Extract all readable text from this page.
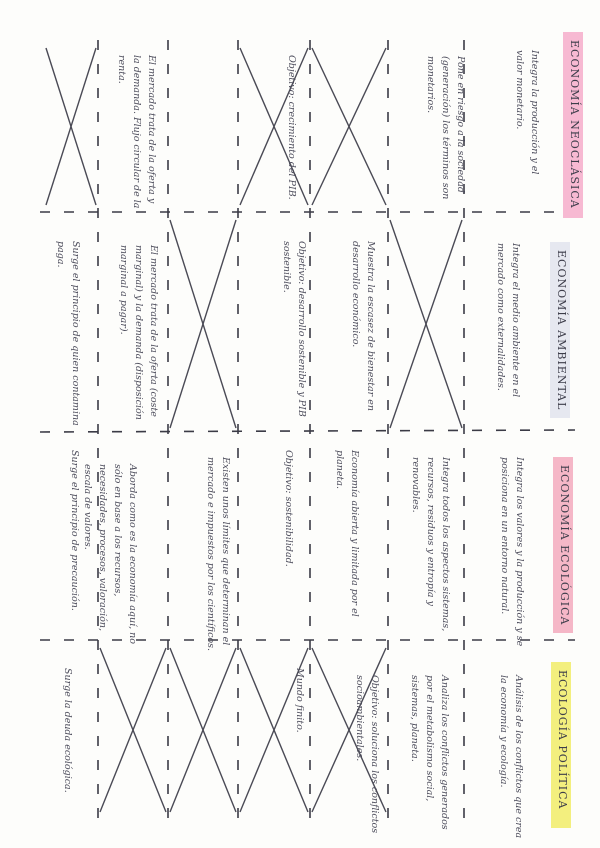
ECONOMÍA NEOCLÁSICA
ECONOMÍA AMBIENTAL
ECONOMÍA ECOLÓGICA
ECOLOGÍA POLÍTICA
Integra la producción y el valor monetario.
Pone en riesgo a la sociedad (generación) los términos son monetarios.
Objetivo: crecimiento del PIB.
El mercado trata de la oferta y la demanda. Flujo circular de la renta.
Integra el medio ambiente en el mercado como externalidades.
Muestra la escasez de bienestar en desarrollo económico.
Objetivo: desarrollo sostenible y PIB sostenible.
El mercado trata de la oferta (coste marginal) y la demanda (disposición marginal a pagar).
Surge el principio de quien contamina paga.
Integra los valores y la producción y se posiciona en un entorno natural.
Integra todos los aspectos sistemas, recursos, residuos y entropía y renovables.
Economía abierta y limitada por el planeta.
Objetivo: sostenibilidad.
Existen unos límites que determinan el mercado e impuestos por los científicos.
Aborda como es la economía aquí, no sólo en base a los recursos, necesidades, procesos, valoración, escala de valores.
Surge el principio de precaución.
Análisis de los conflictos que crea la economía y ecología.
Analiza los conflictos generados por el metabolismo social, sistemas, planeta.
Objetivo: soluciona los conflictos socioambientales.
Mundo finito.
Surge la deuda ecológica.
